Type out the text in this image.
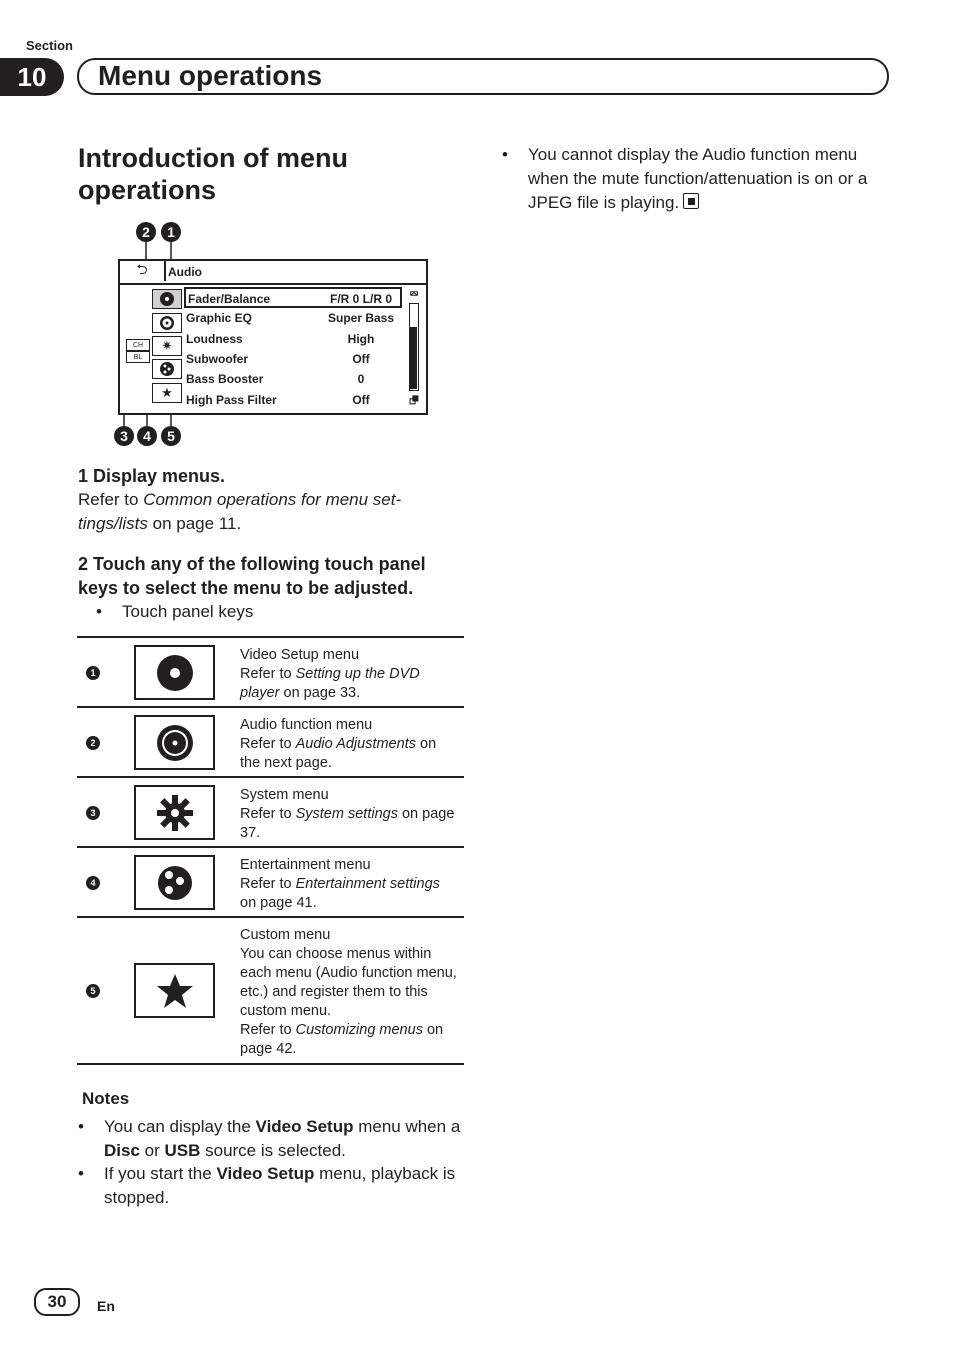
Section
10	Menu operations
Introduction of menu operations
2	1
3	4	5
⮌	Audio
CH
BL
✷
★
Fader/Balance	F/R 0 L/R 0
Graphic EQ	Super Bass
Loudness	High
Subwoofer	Off
Bass Booster	0
High Pass Filter	Off
⮹
⮻
1 Display menus.
Refer to Common operations for menu set-tings/lists on page 11.
2 Touch any of the following touch panel keys to select the menu to be adjusted.
• Touch panel keys
1
Video Setup menu
Refer to Setting up the DVD player on page 33.
2
Audio function menu
Refer to Audio Adjustments on the next page.
3
System menu
Refer to System settings on page 37.
4
Entertainment menu
Refer to Entertainment settings on page 41.
5
Custom menu
You can choose menus within each menu (Audio function menu, etc.) and register them to this custom menu.
Refer to Customizing menus on page 42.
Notes
• You can display the Video Setup menu when a Disc or USB source is selected.
• If you start the Video Setup menu, playback is stopped.
• You cannot display the Audio function menu when the mute function/attenuation is on or a JPEG file is playing.
30	En
